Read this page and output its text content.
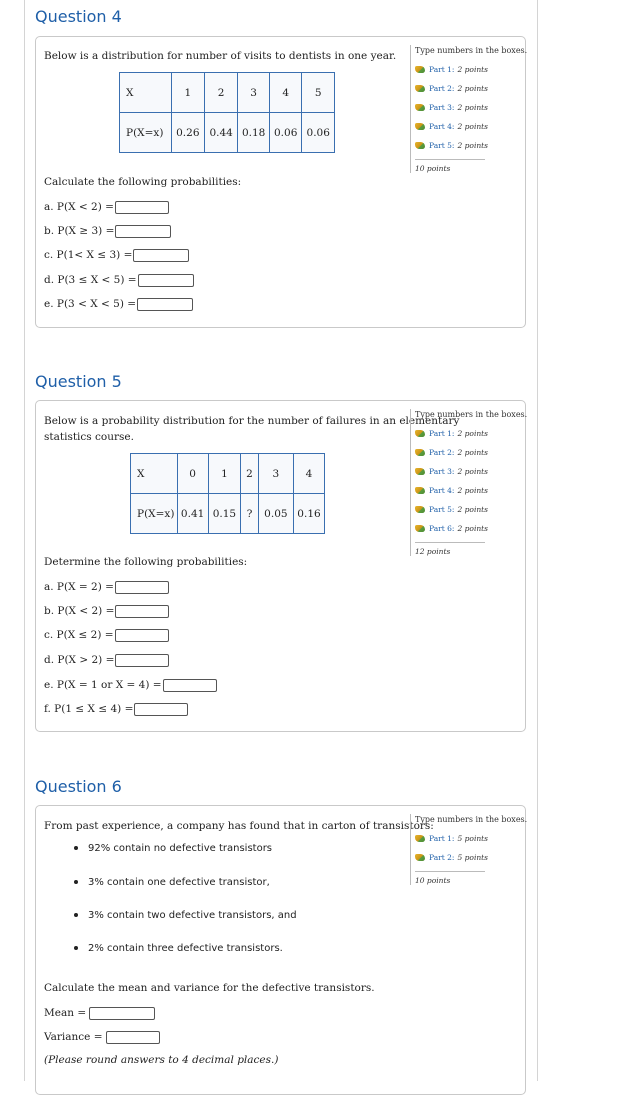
Question 4
Below is a distribution for number of visits to dentists in one year.
X	1	2	3	4	5
P(X=x)	0.26	0.44	0.18	0.06	0.06
Calculate the following probabilities:
a. P(X < 2) =
b. P(X ≥ 3) =
c. P(1< X ≤ 3) =
d. P(3 ≤ X < 5) =
e. P(3 < X < 5) =
Type numbers in the boxes.
Part 1: 2 points
Part 2: 2 points
Part 3: 2 points
Part 4: 2 points
Part 5: 2 points
10 points
Question 5
Below is a probability distribution for the number of failures in an elementary
statistics course.
X	0	1	2	3	4
P(X=x)	0.41	0.15	?	0.05	0.16
Determine the following probabilities:
a. P(X = 2) =
b. P(X < 2) =
c. P(X ≤ 2) =
d. P(X > 2) =
e. P(X = 1 or X = 4) =
f. P(1 ≤ X ≤ 4) =
Type numbers in the boxes.
Part 1: 2 points
Part 2: 2 points
Part 3: 2 points
Part 4: 2 points
Part 5: 2 points
Part 6: 2 points
12 points
Question 6
From past experience, a company has found that in carton of transistors:
92% contain no defective transistors
3% contain one defective transistor,
3% contain two defective transistors, and
2% contain three defective transistors.
Calculate the mean and variance for the defective transistors.
Mean =
Variance =
(Please round answers to 4 decimal places.)
Type numbers in the boxes.
Part 1: 5 points
Part 2: 5 points
10 points
